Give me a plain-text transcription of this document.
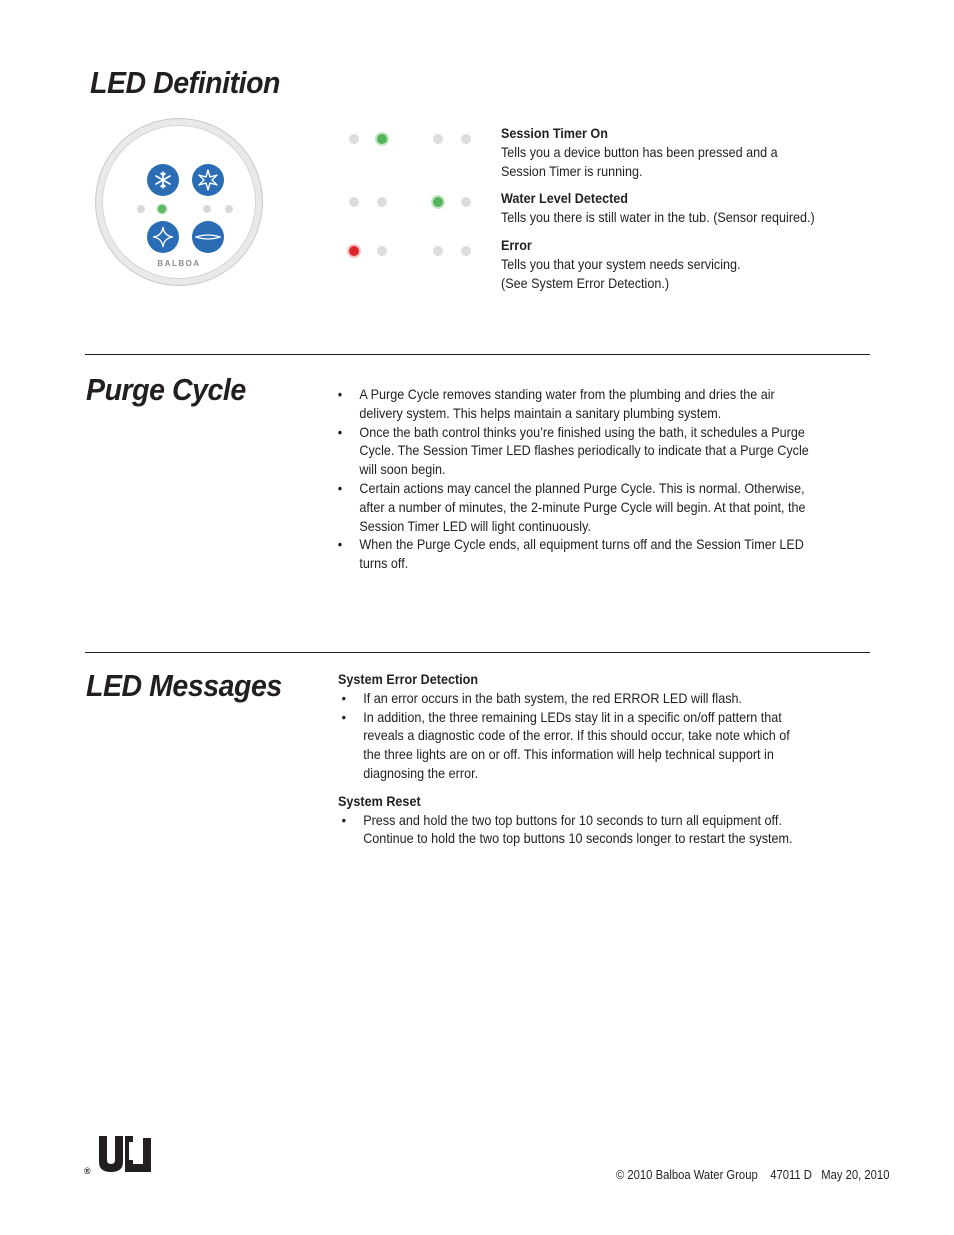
LED Definition
BALBOA
Session Timer On
Tells you a device button has been pressed and a
Session Timer is running.
Water Level Detected
Tells you there is still water in the tub. (Sensor required.)
Error
Tells you that your system needs servicing.
(See System Error Detection.)
Purge Cycle
•	A Purge Cycle removes standing water from the plumbing and dries the air
delivery system. This helps maintain a sanitary plumbing system.
• Once the bath control thinks you’re finished using the bath, it schedules a Purge
Cycle. The Session Timer LED flashes periodically to indicate that a Purge Cycle
will soon begin.
• Certain actions may cancel the planned Purge Cycle. This is normal. Otherwise,
after a number of minutes, the 2-minute Purge Cycle will begin. At that point, the
Session Timer LED will light continuously.
• When the Purge Cycle ends, all equipment turns off and the Session Timer LED
turns off.
LED Messages	System Error Detection
• If an error occurs in the bath system, the red ERROR LED will flash.
• In addition, the three remaining LEDs stay lit in a specific on/off pattern that
reveals a diagnostic code of the error. If this should occur, take note which of
the three lights are on or off. This information will help technical support in
diagnosing the error.
System Reset
• Press and hold the two top buttons for 10 seconds to turn all equipment off.
Continue to hold the two top buttons 10 seconds longer to restart the system.
®	© 2010 Balboa Water Group    47011 D   May 20, 2010
